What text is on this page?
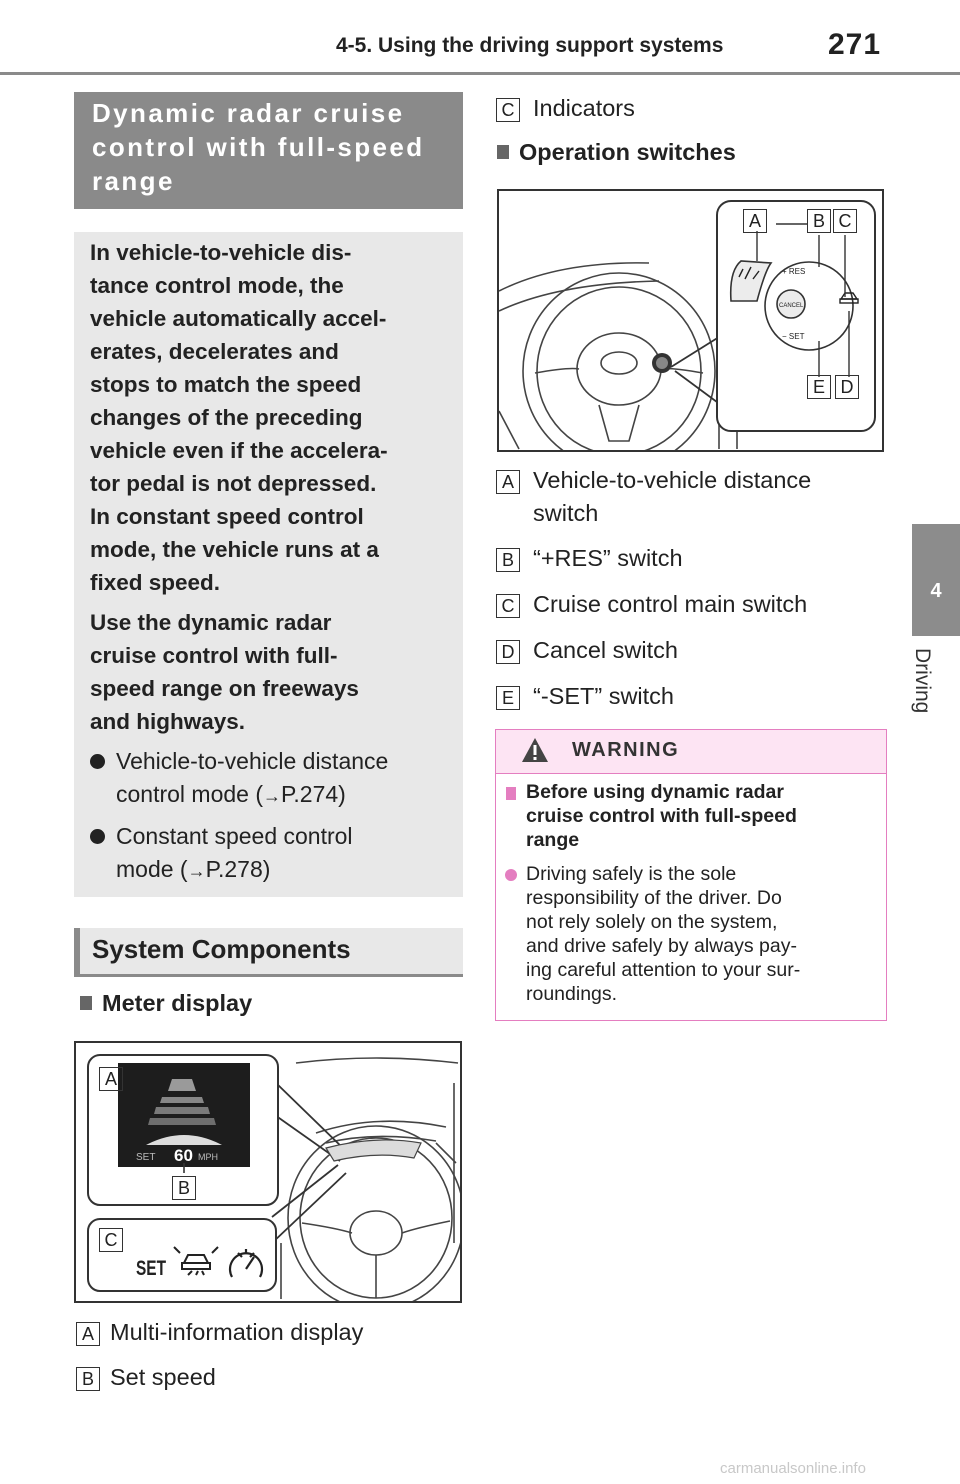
4-5. Using the driving support systems	271
4
Driving
Dynamic radar cruise control with full-speed range
In vehicle-to-vehicle dis-
tance control mode, the
vehicle automatically accel-
erates, decelerates and
stops to match the speed
changes of the preceding
vehicle even if the accelera-
tor pedal is not depressed.
In constant speed control
mode, the vehicle runs at a
fixed speed.
Use the dynamic radar
cruise control with full-
speed range on freeways
and highways.
Vehicle-to-vehicle distance
control mode (→P.274)
Constant speed control
mode (→P.278)
System Components
Meter display
SET 60 MPH
SET
A
B
C
A Multi-information display
B Set speed
C Indicators
Operation switches
+ RES
CANCEL
− SET
A	B C
E D
A Vehicle-to-vehicle distance
switch
B “+RES” switch
C Cruise control main switch
D Cancel switch
E “-SET” switch
WARNING
Before using dynamic radar
cruise control with full-speed
range
Driving safely is the sole
responsibility of the driver. Do
not rely solely on the system,
and drive safely by always pay-
ing careful attention to your sur-
roundings.
carmanualsonline.info
